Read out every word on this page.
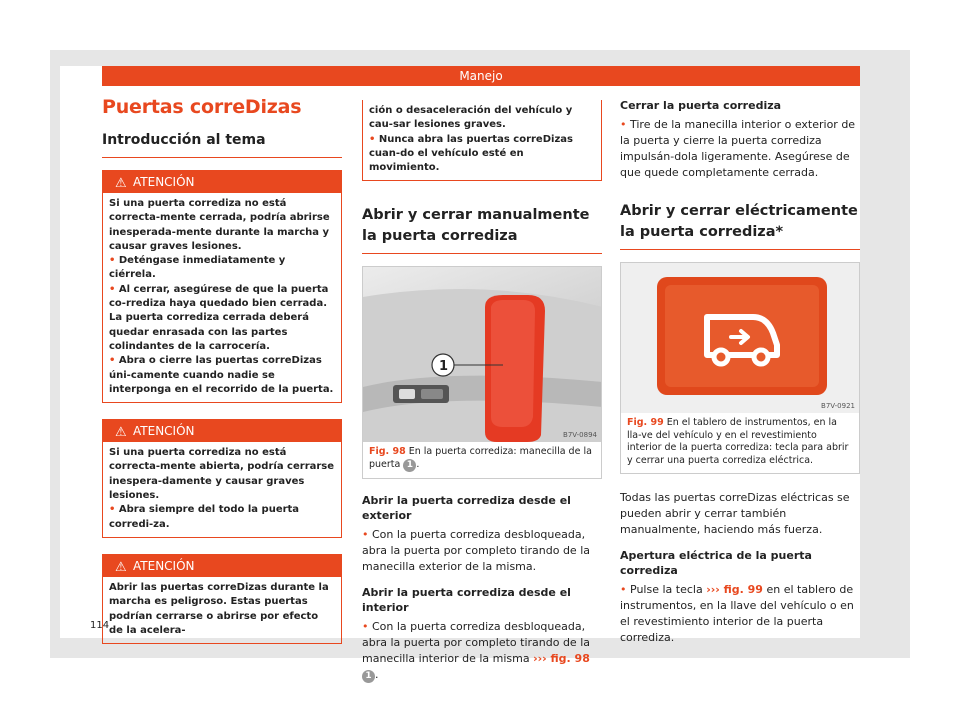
Manejo
Puertas correDizas
Introducción al tema
⚠ ATENCIÓN

Si una puerta corrediza no está correcta-mente cerrada, podría abrirse inesperada-mente durante la marcha y causar graves lesiones.

• Deténgase inmediatamente y ciérrela.

• Al cerrar, asegúrese de que la puerta co-rrediza haya quedado bien cerrada. La puerta corrediza cerrada deberá quedar enrasada con las partes colindantes de la carrocería.

• Abra o cierre las puertas correDizas úni-camente cuando nadie se interponga en el recorrido de la puerta.

⚠ ATENCIÓN

Si una puerta corrediza no está correcta-mente abierta, podría cerrarse inespera-damente y causar graves lesiones.

• Abra siempre del todo la puerta corredi-za.

⚠ ATENCIÓN

Abrir las puertas correDizas durante la marcha es peligroso. Estas puertas podrían cerrarse o abrirse por efecto de la acelera-

ción o desaceleración del vehículo y cau-sar lesiones graves.

• Nunca abra las puertas correDizas cuan-do el vehículo esté en movimiento.

Abrir y cerrar manualmente la puerta corrediza
1
B7V-0894
Fig. 98 En la puerta corrediza: manecilla de la puerta 1 .
Abrir la puerta corrediza desde el exterior

• Con la puerta corrediza desbloqueada, abra la puerta por completo tirando de la manecilla exterior de la misma.

Abrir la puerta corrediza desde el interior

• Con la puerta corrediza desbloqueada, abra la puerta por completo tirando de la manecilla interior de la misma ››› fig. 98 1 .

Cerrar la puerta corrediza

• Tire de la manecilla interior o exterior de la puerta y cierre la puerta corrediza impulsán-dola ligeramente. Asegúrese de que quede completamente cerrada.

Abrir y cerrar eléctricamente la puerta corrediza*
B7V-0921
Fig. 99 En el tablero de instrumentos, en la lla-ve del vehículo y en el revestimiento interior de la puerta corrediza: tecla para abrir y cerrar una puerta corrediza eléctrica.

Todas las puertas correDizas eléctricas se pueden abrir y cerrar también manualmente, haciendo más fuerza.

Apertura eléctrica de la puerta corrediza

• Pulse la tecla ››› fig. 99 en el tablero de instrumentos, en la llave del vehículo o en el revestimiento interior de la puerta corrediza.

114
